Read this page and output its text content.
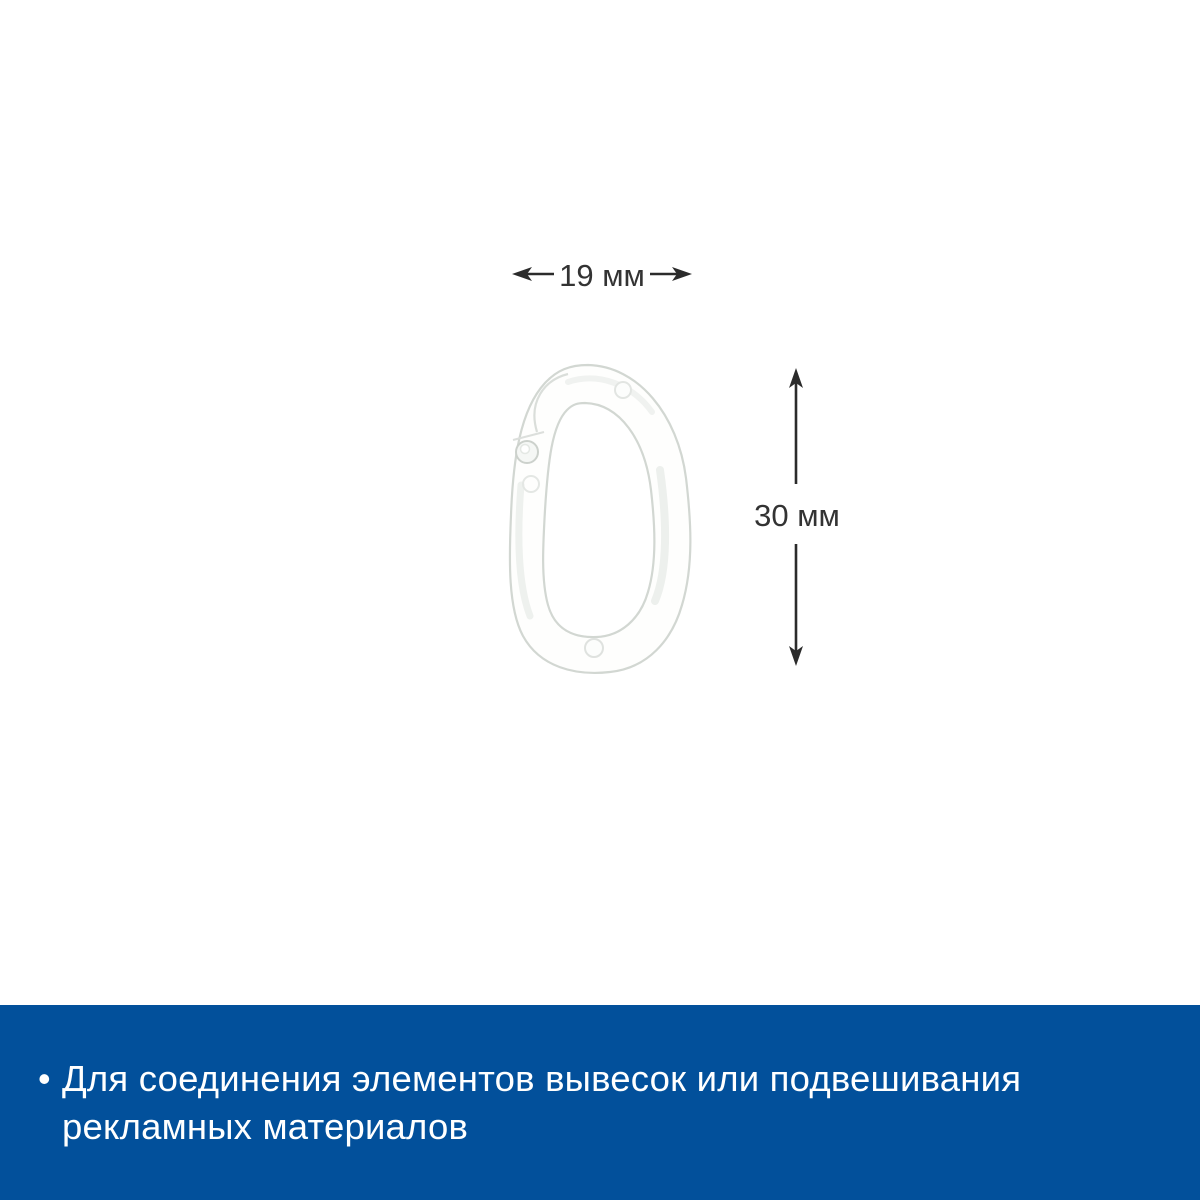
19 мм
30 мм
• Для соединения элементов вывесок или подвешивания
рекламных материалов
